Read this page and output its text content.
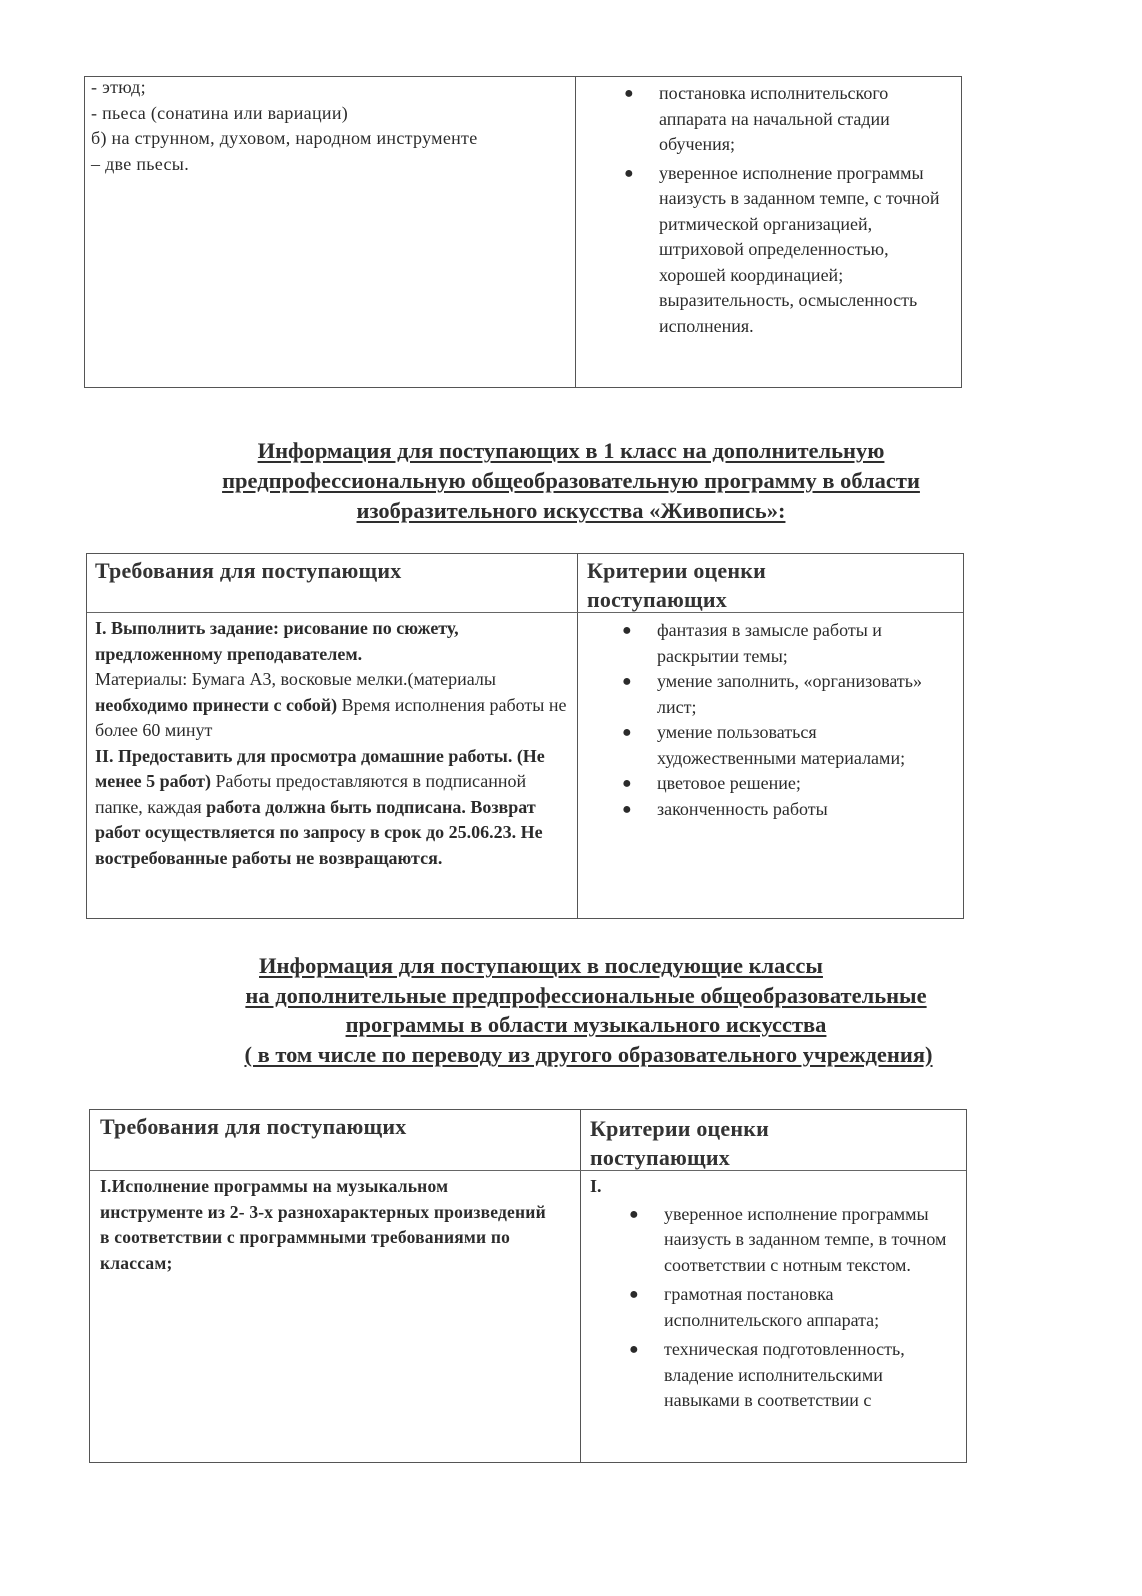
- этюд;
- пьеса (сонатина или вариации)
б) на струнном, духовом, народном инструменте
– две пьесы.
● постановка исполнительского аппарата на начальной стадии обучения;
● уверенное исполнение программы наизусть в заданном темпе, с точной ритмической организацией, штриховой определенностью, хорошей координацией; выразительность, осмысленность исполнения.
Информация для поступающих в 1 класс на дополнительную
предпрофессиональную общеобразовательную программу в области
изобразительного искусства «Живопись»:
Требования для поступающих	Критерии оценки
поступающих
I. Выполнить задание: рисование по сюжету, предложенному преподавателем.
Материалы: Бумага А3, восковые мелки.(материалы необходимо принести с собой) Время исполнения работы не более 60 минут
II. Предоставить для просмотра домашние работы. (Не менее 5 работ) Работы предоставляются в подписанной папке, каждая работа должна быть подписана. Возврат работ осуществляется по запросу в срок до 25.06.23. Не востребованные работы не возвращаются.
● фантазия в замысле работы и раскрытии темы;
● умение заполнить, «организовать» лист;
● умение пользоваться художественными материалами;
● цветовое решение;
● законченность работы
Информация для поступающих в последующие классы
на дополнительные предпрофессиональные общеобразовательные
программы в области музыкального искусства
( в том числе по переводу из другого образовательного учреждения)
Требования для поступающих	Критерии оценки
поступающих
I.Исполнение программы на музыкальном инструменте из 2- 3-х разнохарактерных произведений в соответствии с программными требованиями по классам;
I.
● уверенное исполнение программы наизусть в заданном темпе, в точном соответствии с нотным текстом.
● грамотная постановка исполнительского аппарата;
● техническая подготовленность, владение исполнительскими навыками в соответствии с
